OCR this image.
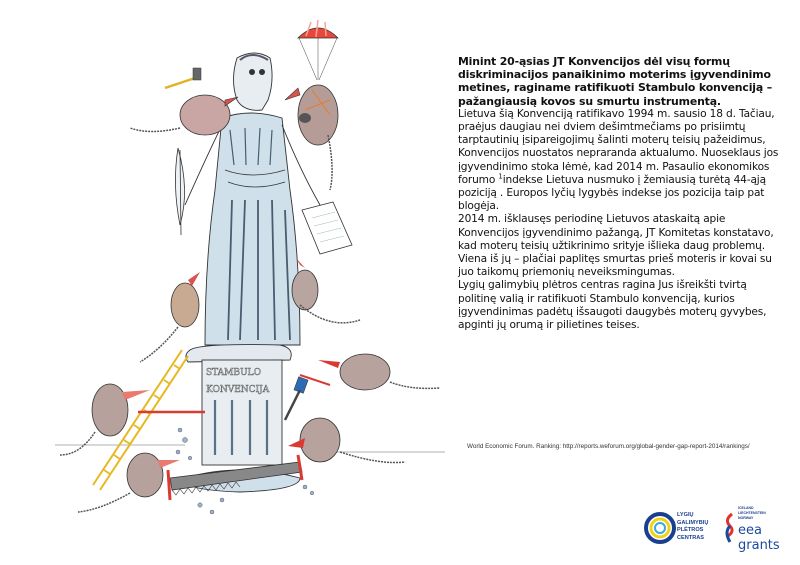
STAMBULO
KONVENCIJA

Minint 20-ąsias JT Konvencijos dėl visų formų diskriminacijos panaikinimo moterims įgyvendinimo metines, raginame ratifikuoti Stambulo konvenciją – pažangiausią kovos su smurtu instrumentą.

Lietuva šią Konvenciją ratifikavo 1994 m. sausio 18 d. Tačiau, praėjus daugiau nei dviem dešimtmečiams po prisiimtų tarptautinių įsipareigojimų šalinti moterų teisių pažeidimus, Konvencijos nuostatos nepraranda aktualumo. Nuoseklaus jos įgyvendinimo stoka lėmė, kad 2014 m. Pasaulio ekonomikos forumo $^1$indekse Lietuva nusmuko į žemiausią turėtą 44-ąją poziciją . Europos lyčių lygybės indekse jos pozicija taip pat blogėja.

2014 m. išklausęs periodinę Lietuvos ataskaitą apie Konvencijos įgyvendinimo pažangą, JT Komitetas konstatavo, kad moterų teisių užtikrinimo srityje išlieka daug problemų. Viena iš jų – plačiai paplitęs smurtas prieš moteris ir kovai su juo taikomų priemonių neveiksmingumas.

Lygių galimybių plėtros centras ragina Jus išreikšti tvirtą politinę valią ir ratifikuoti Stambulo konvenciją, kurios įgyvendinimas padėtų išsaugoti daugybės moterų gyvybes, apginti jų orumą ir pilietines teises.

World Economic Forum. Ranking: http://reports.weforum.org/global-gender-gap-report-2014/rankings/
LYGIŲ
GALIMYBIŲ
PLĖTROS
CENTRAS
ICELAND
LIECHTENSTEIN
NORWAY
eea
grants
